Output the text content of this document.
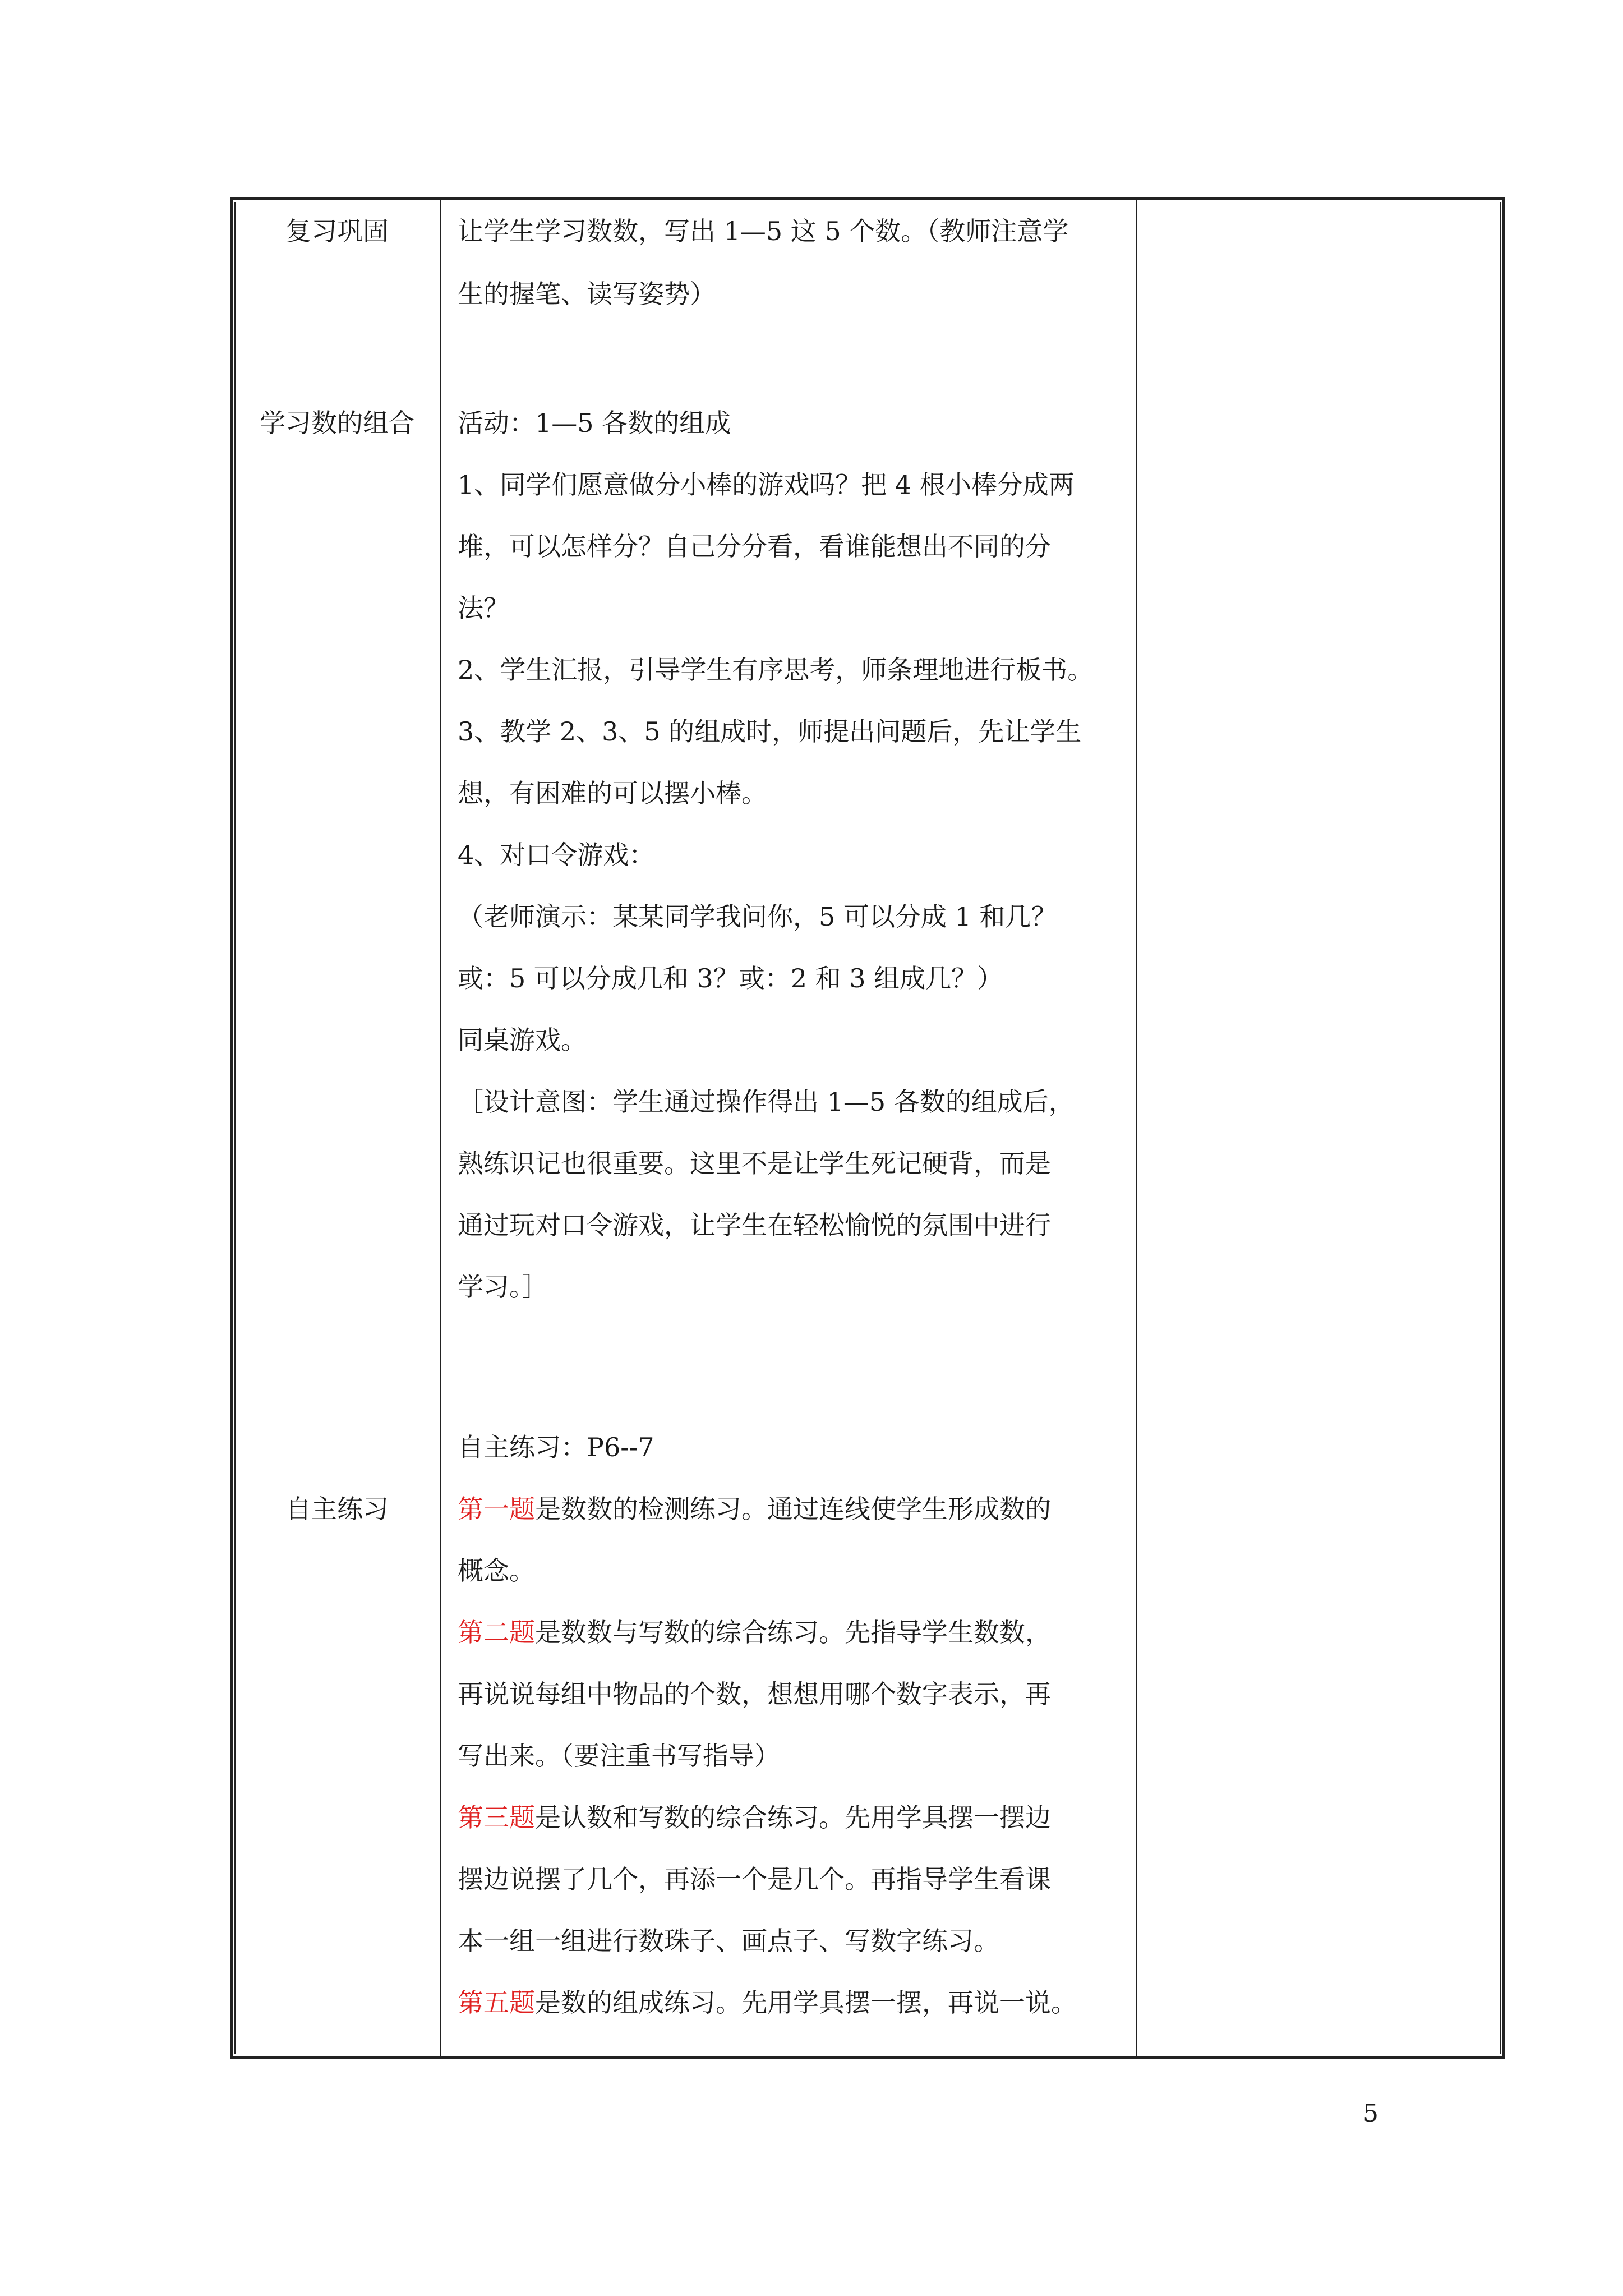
复习巩固
学习数的组合
自主练习
让学生学习数数，写出 1—5 这 5 个数。（教师注意学
生的握笔、读写姿势）
活动：1—5 各数的组成
1、同学们愿意做分小棒的游戏吗？把 4 根小棒分成两
堆，可以怎样分？自己分分看，看谁能想出不同的分
法？
2、学生汇报，引导学生有序思考，师条理地进行板书。
3、教学 2、3、5 的组成时，师提出问题后，先让学生
想，有困难的可以摆小棒。
4、对口令游戏：
（老师演示：某某同学我问你，5 可以分成 1 和几？
或：5 可以分成几和 3？或：2 和 3 组成几？）
同桌游戏。
［设计意图：学生通过操作得出 1—5 各数的组成后，
熟练识记也很重要。这里不是让学生死记硬背，而是
通过玩对口令游戏，让学生在轻松愉悦的氛围中进行
学习。］
自主练习：P6--7
第一题是数数的检测练习。通过连线使学生形成数的
概念。
第二题是数数与写数的综合练习。先指导学生数数，
再说说每组中物品的个数，想想用哪个数字表示，再
写出来。（要注重书写指导）
第三题是认数和写数的综合练习。先用学具摆一摆边
摆边说摆了几个，再添一个是几个。再指导学生看课
本一组一组进行数珠子、画点子、写数字练习。
第五题是数的组成练习。先用学具摆一摆，再说一说。
5
